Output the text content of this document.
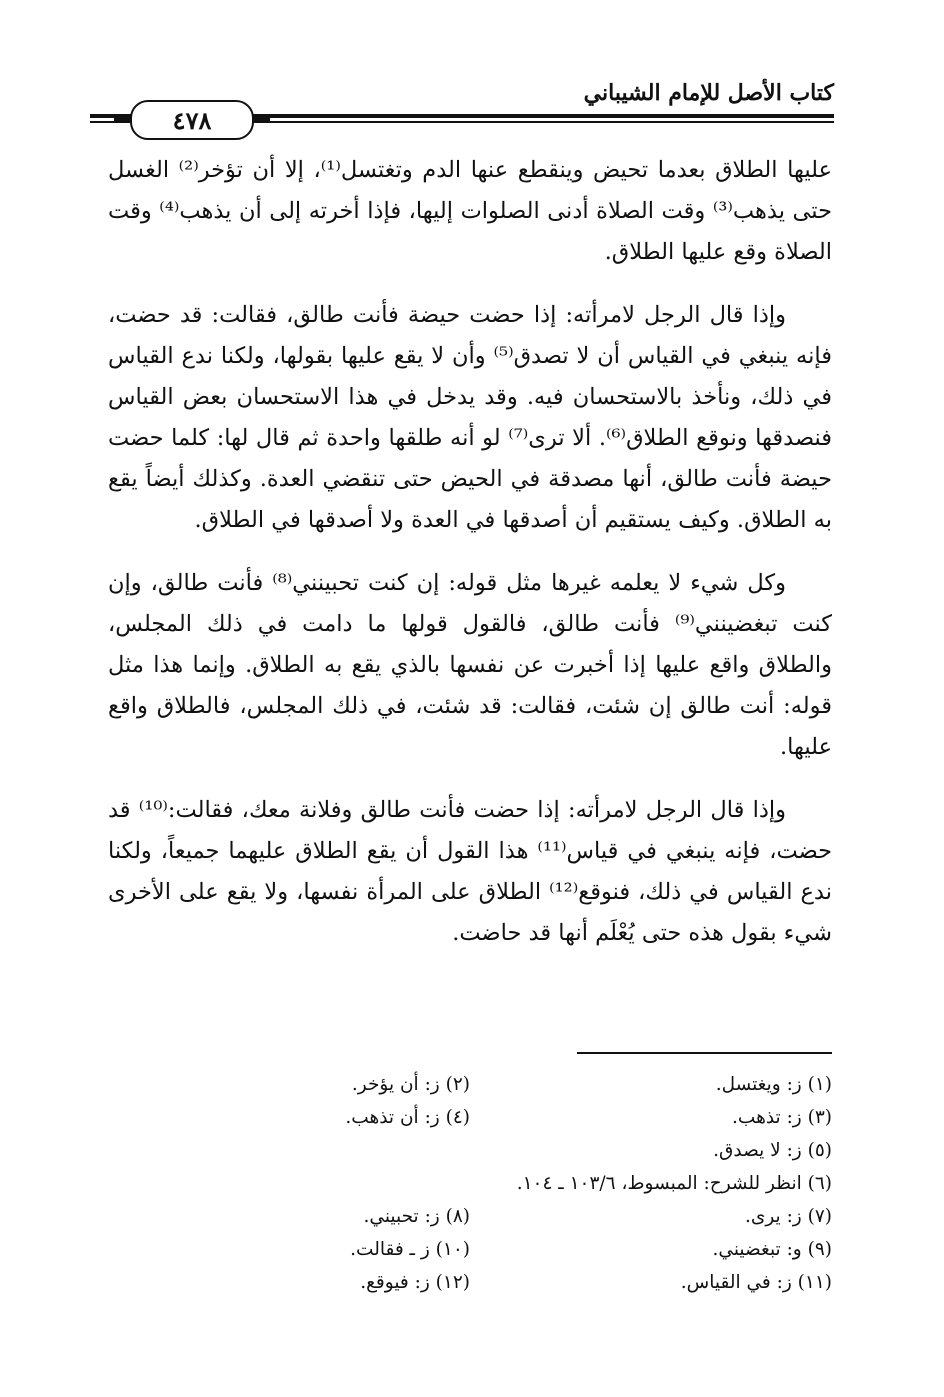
كتاب الأصل للإمام الشيباني
٤٧٨

عليها الطلاق بعدما تحيض وينقطع عنها الدم وتغتسل⁽¹⁾، إلا أن تؤخر⁽²⁾ الغسل حتى يذهب⁽³⁾ وقت الصلاة أدنى الصلوات إليها، فإذا أخرته إلى أن يذهب⁽⁴⁾ وقت الصلاة وقع عليها الطلاق.

وإذا قال الرجل لامرأته: إذا حضت حيضة فأنت طالق، فقالت: قد حضت، فإنه ينبغي في القياس أن لا تصدق⁽⁵⁾ وأن لا يقع عليها بقولها، ولكنا ندع القياس في ذلك، ونأخذ بالاستحسان فيه. وقد يدخل في هذا الاستحسان بعض القياس فنصدقها ونوقع الطلاق⁽⁶⁾. ألا ترى⁽⁷⁾ لو أنه طلقها واحدة ثم قال لها: كلما حضت حيضة فأنت طالق، أنها مصدقة في الحيض حتى تنقضي العدة. وكذلك أيضاً يقع به الطلاق. وكيف يستقيم أن أصدقها في العدة ولا أصدقها في الطلاق.

وكل شيء لا يعلمه غيرها مثل قوله: إن كنت تحبينني⁽⁸⁾ فأنت طالق، وإن كنت تبغضينني⁽⁹⁾ فأنت طالق، فالقول قولها ما دامت في ذلك المجلس، والطلاق واقع عليها إذا أخبرت عن نفسها بالذي يقع به الطلاق. وإنما هذا مثل قوله: أنت طالق إن شئت، فقالت: قد شئت، في ذلك المجلس، فالطلاق واقع عليها.

وإذا قال الرجل لامرأته: إذا حضت فأنت طالق وفلانة معك، فقالت:⁽¹⁰⁾ قد حضت، فإنه ينبغي في قياس⁽¹¹⁾ هذا القول أن يقع الطلاق عليهما جميعاً، ولكنا ندع القياس في ذلك، فنوقع⁽¹²⁾ الطلاق على المرأة نفسها، ولا يقع على الأخرى شيء بقول هذه حتى يُعْلَم أنها قد حاضت.

(١) ز: ويغتسل.
(٢) ز: أن يؤخر.
(٣) ز: تذهب.
(٤) ز: أن تذهب.
(٥) ز: لا يصدق.
(٦) انظر للشرح: المبسوط، ١٠٣/٦ ـ ١٠٤.
(٧) ز: يرى.
(٨) ز: تحبيني.
(٩) و: تبغضيني.
(١٠) ز ـ فقالت.
(١١) ز: في القياس.
(١٢) ز: فيوقع.
